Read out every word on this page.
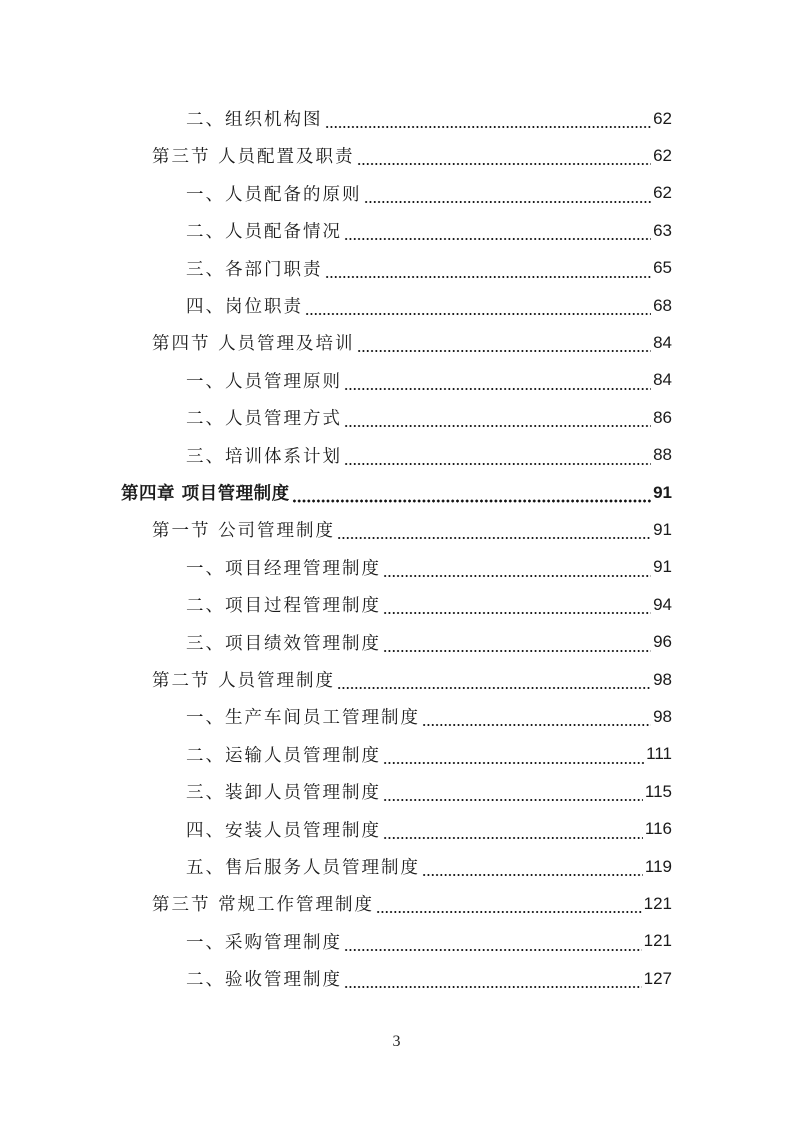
二、组织机构图	62
第三节 人员配置及职责	62
一、人员配备的原则	62
二、人员配备情况	63
三、各部门职责	65
四、岗位职责	68
第四节 人员管理及培训	84
一、人员管理原则	84
二、人员管理方式	86
三、培训体系计划	88
第四章 项目管理制度	91
第一节 公司管理制度	91
一、项目经理管理制度	91
二、项目过程管理制度	94
三、项目绩效管理制度	96
第二节 人员管理制度	98
一、生产车间员工管理制度	98
二、运输人员管理制度	111
三、装卸人员管理制度	115
四、安装人员管理制度	116
五、售后服务人员管理制度	119
第三节 常规工作管理制度	121
一、采购管理制度	121
二、验收管理制度	127
3
